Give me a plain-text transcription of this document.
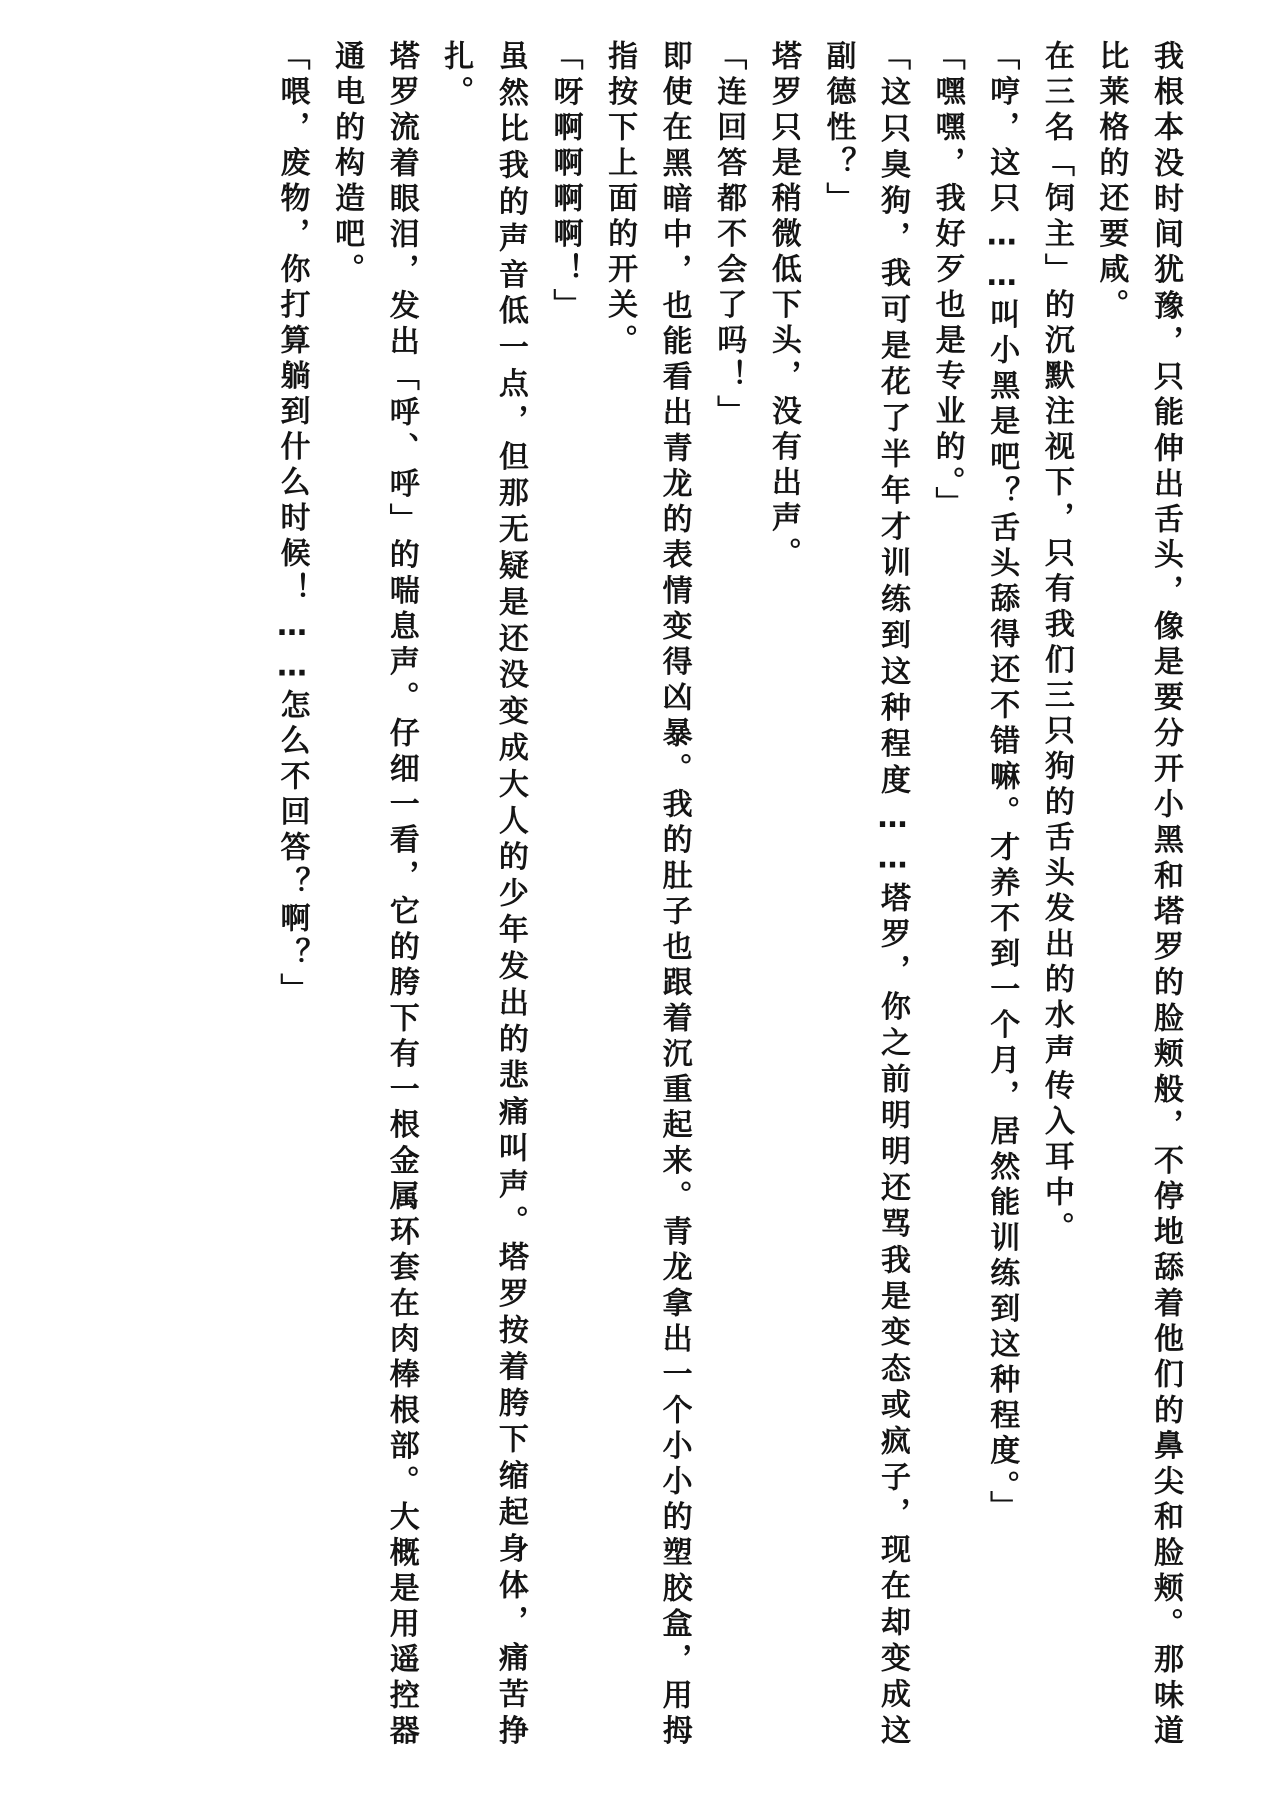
我根本没时间犹豫，只能伸出舌头，像是要分开小黑和塔罗的脸颊般，不停地舔着他们的鼻尖和脸颊。那味道比莱格的还要咸。

在三名「饲主」的沉默注视下，只有我们三只狗的舌头发出的水声传入耳中。

「哼，这只……叫小黑是吧？舌头舔得还不错嘛。才养不到一个月，居然能训练到这种程度。」

「嘿嘿，我好歹也是专业的。」

「这只臭狗，我可是花了半年才训练到这种程度……塔罗，你之前明明还骂我是变态或疯子，现在却变成这副德性？」

塔罗只是稍微低下头，没有出声。

「连回答都不会了吗！」

即使在黑暗中，也能看出青龙的表情变得凶暴。我的肚子也跟着沉重起来。青龙拿出一个小小的塑胶盒，用拇指按下上面的开关。

「呀啊啊啊啊！」

虽然比我的声音低一点，但那无疑是还没变成大人的少年发出的悲痛叫声。塔罗按着胯下缩起身体，痛苦挣扎。

塔罗流着眼泪，发出「呼、呼」的喘息声。仔细一看，它的胯下有一根金属环套在肉棒根部。大概是用遥控器通电的构造吧。

「喂，废物，你打算躺到什么时候！……怎么不回答？啊？」
